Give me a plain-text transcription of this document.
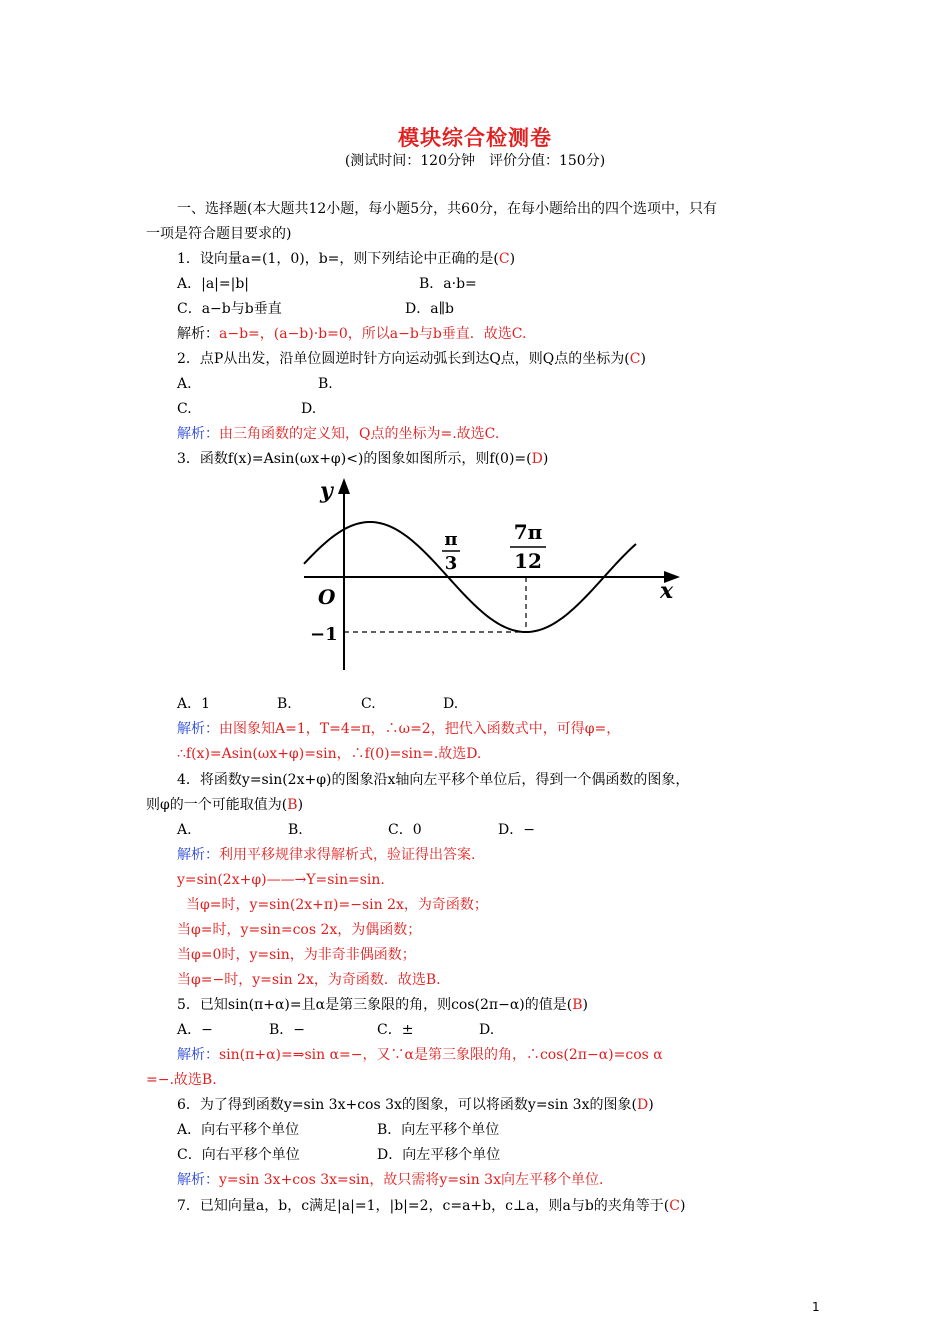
模块综合检测卷
(测试时间：120分钟　评价分值：150分)
一、选择题(本大题共12小题，每小题5分，共60分，在每小题给出的四个选项中，只有
一项是符合题目要求的)
1．设向量a=(1，0)，b=，则下列结论中正确的是(C)
A．|a|=|b|	B．a·b=
C．a−b与b垂直	D．a∥b
解析：a−b=，(a−b)·b=0，所以a−b与b垂直．故选C.
2．点P从出发，沿单位圆逆时针方向运动弧长到达Q点，则Q点的坐标为(C)
A.	B.
C.	D.
解析：由三角函数的定义知，Q点的坐标为=.故选C.
3．函数f(x)=Asin(ωx+φ)<)的图象如图所示，则f(0)=(D)
y
x
O
−1
π
3
7π
12
A．1	B.	C.	D.
解析：由图象知A=1，T=4=π，∴ω=2，把代入函数式中，可得φ=，
∴f(x)=Asin(ωx+φ)=sin，∴f(0)=sin=.故选D.
4．将函数y=sin(2x+φ)的图象沿x轴向左平移个单位后，得到一个偶函数的图象，
则φ的一个可能取值为(B)
A.	B.	C．0	D．−
解析：利用平移规律求得解析式，验证得出答案.
y=sin(2x+φ)——→Y=sin=sin.
当φ=时，y=sin(2x+π)=−sin 2x，为奇函数；
当φ=时，y=sin=cos 2x，为偶函数；
当φ=0时，y=sin，为非奇非偶函数；
当φ=−时，y=sin 2x，为奇函数．故选B.
5．已知sin(π+α)=且α是第三象限的角，则cos(2π−α)的值是(B)
A．−	B．−	C．±	D.
解析：sin(π+α)=⇒sin α=−，又∵α是第三象限的角，∴cos(2π−α)=cos α
=−.故选B.
6．为了得到函数y=sin 3x+cos 3x的图象，可以将函数y=sin 3x的图象(D)
A．向右平移个单位	B．向左平移个单位
C．向右平移个单位	D．向左平移个单位
解析：y=sin 3x+cos 3x=sin，故只需将y=sin 3x向左平移个单位.
7．已知向量a，b，c满足|a|=1，|b|=2，c=a+b，c⊥a，则a与b的夹角等于(C)
1
